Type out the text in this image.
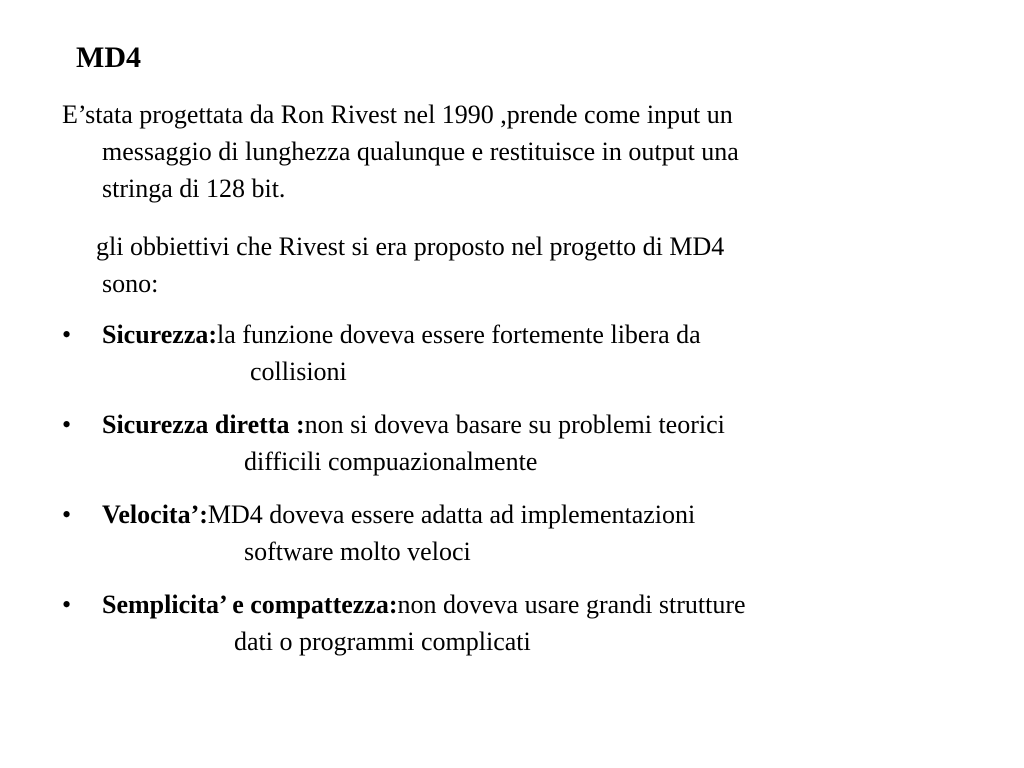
MD4

E’stata progettata da Ron Rivest nel 1990 ,prende come input un
messaggio di lunghezza qualunque e restituisce in output una
stringa di 128 bit.

gli obbiettivi che Rivest si era proposto nel progetto di MD4
sono:

•	Sicurezza:la funzione doveva essere fortemente libera da
collisioni
•	Sicurezza diretta :non si doveva basare su problemi teorici
difficili compuazionalmente
•	Velocita’:MD4 doveva essere adatta ad implementazioni
software molto veloci
•	Semplicita’ e compattezza:non doveva usare grandi strutture
dati o programmi complicati
